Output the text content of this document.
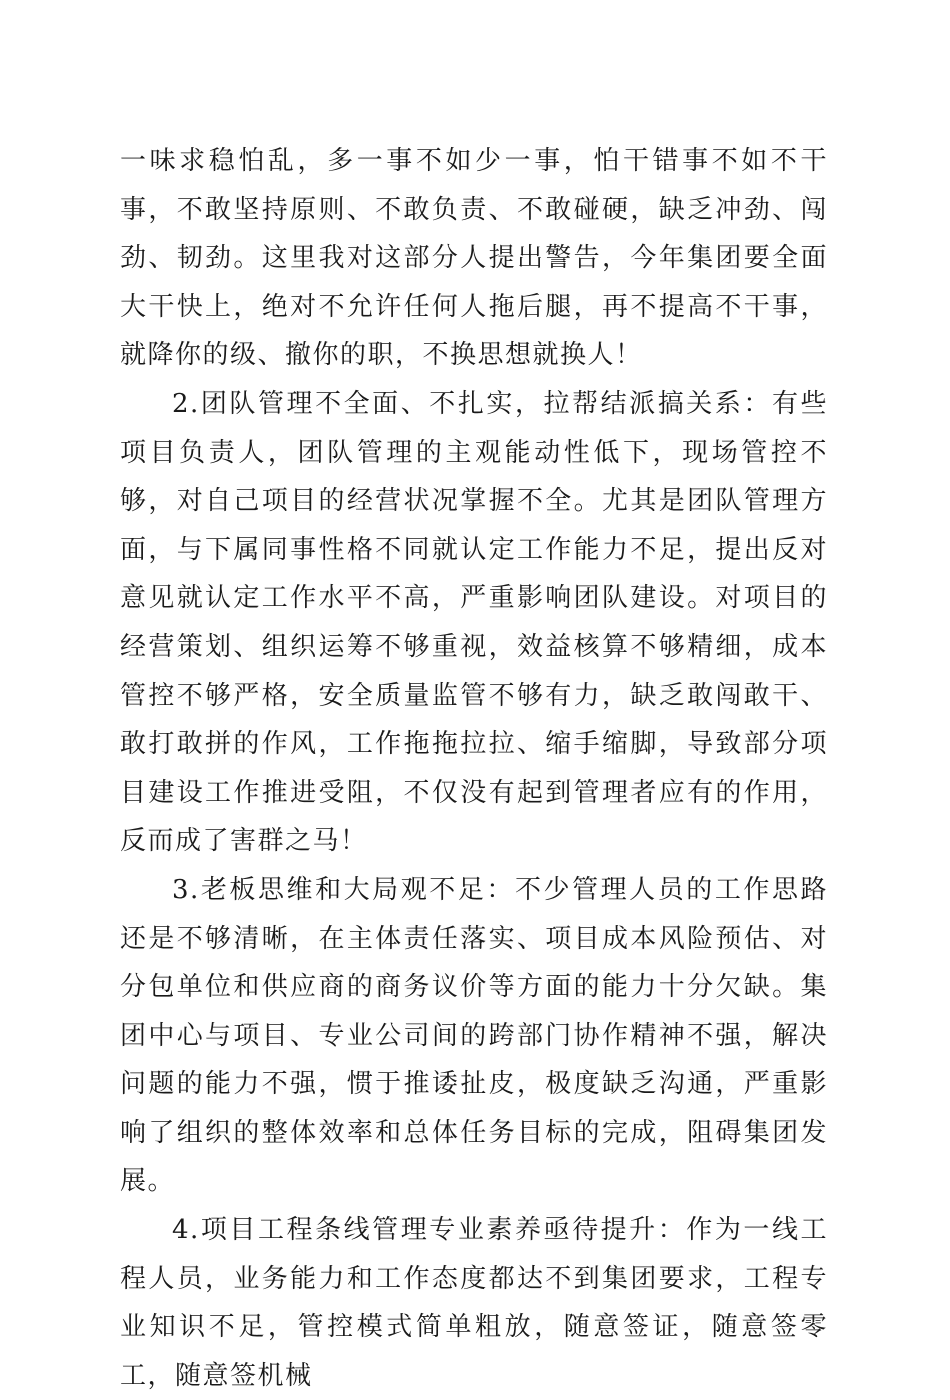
一味求稳怕乱，多一事不如少一事，怕干错事不如不干事，不敢坚持原则、不敢负责、不敢碰硬，缺乏冲劲、闯劲、韧劲。这里我对这部分人提出警告，今年集团要全面大干快上，绝对不允许任何人拖后腿，再不提高不干事，就降你的级、撤你的职，不换思想就换人！

2.团队管理不全面、不扎实，拉帮结派搞关系：有些项目负责人，团队管理的主观能动性低下，现场管控不够，对自己项目的经营状况掌握不全。尤其是团队管理方面，与下属同事性格不同就认定工作能力不足，提出反对意见就认定工作水平不高，严重影响团队建设。对项目的经营策划、组织运筹不够重视，效益核算不够精细，成本管控不够严格，安全质量监管不够有力，缺乏敢闯敢干、敢打敢拼的作风，工作拖拖拉拉、缩手缩脚，导致部分项目建设工作推进受阻，不仅没有起到管理者应有的作用，反而成了害群之马！

3.老板思维和大局观不足：不少管理人员的工作思路还是不够清晰，在主体责任落实、项目成本风险预估、对分包单位和供应商的商务议价等方面的能力十分欠缺。集团中心与项目、专业公司间的跨部门协作精神不强，解决问题的能力不强，惯于推诿扯皮，极度缺乏沟通，严重影响了组织的整体效率和总体任务目标的完成，阻碍集团发展。

4.项目工程条线管理专业素养亟待提升：作为一线工程人员，业务能力和工作态度都达不到集团要求，工程专业知识不足，管控模式简单粗放，随意签证，随意签零工，随意签机械
